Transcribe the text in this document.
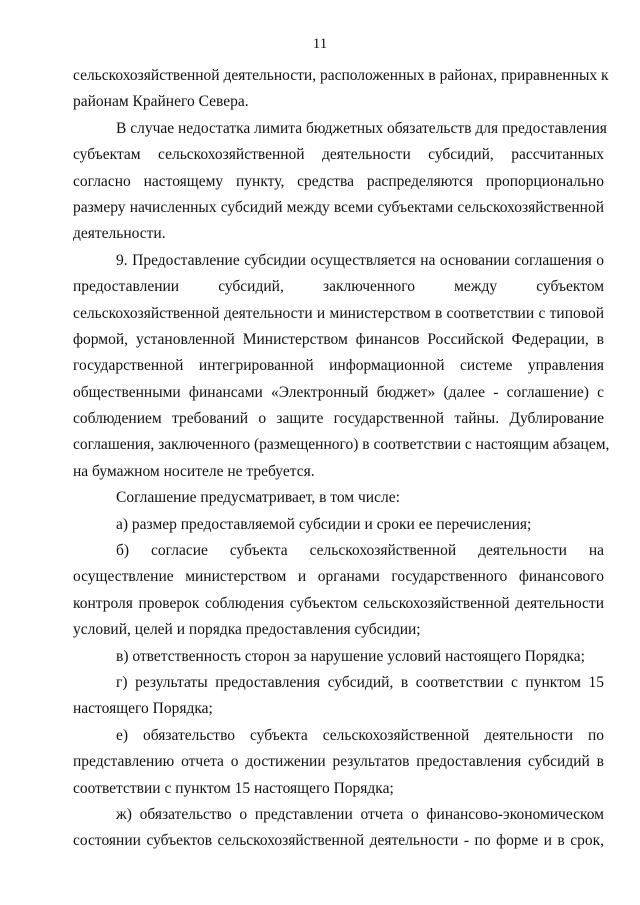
11
сельскохозяйственной деятельности, расположенных в районах, приравненных к
районам Крайнего Севера.
В случае недостатка лимита бюджетных обязательств для предоставления
субъектам сельскохозяйственной деятельности субсидий, рассчитанных
согласно настоящему пункту, средства распределяются пропорционально
размеру начисленных субсидий между всеми субъектами сельскохозяйственной
деятельности.
9. Предоставление субсидии осуществляется на основании соглашения о
предоставлении субсидий, заключенного между субъектом
сельскохозяйственной деятельности и министерством в соответствии с типовой
формой, установленной Министерством финансов Российской Федерации, в
государственной интегрированной информационной системе управления
общественными финансами «Электронный бюджет» (далее - соглашение) с
соблюдением требований о защите государственной тайны. Дублирование
соглашения, заключенного (размещенного) в соответствии с настоящим абзацем,
на бумажном носителе не требуется.
Соглашение предусматривает, в том числе:
а) размер предоставляемой субсидии и сроки ее перечисления;
б) согласие субъекта сельскохозяйственной деятельности на
осуществление министерством и органами государственного финансового
контроля проверок соблюдения субъектом сельскохозяйственной деятельности
условий, целей и порядка предоставления субсидии;
в) ответственность сторон за нарушение условий настоящего Порядка;
г) результаты предоставления субсидий, в соответствии с пунктом 15
настоящего Порядка;
е) обязательство субъекта сельскохозяйственной деятельности по
представлению отчета о достижении результатов предоставления субсидий в
соответствии с пунктом 15 настоящего Порядка;
ж) обязательство о представлении отчета о финансово-экономическом
состоянии субъектов сельскохозяйственной деятельности - по форме и в срок,
